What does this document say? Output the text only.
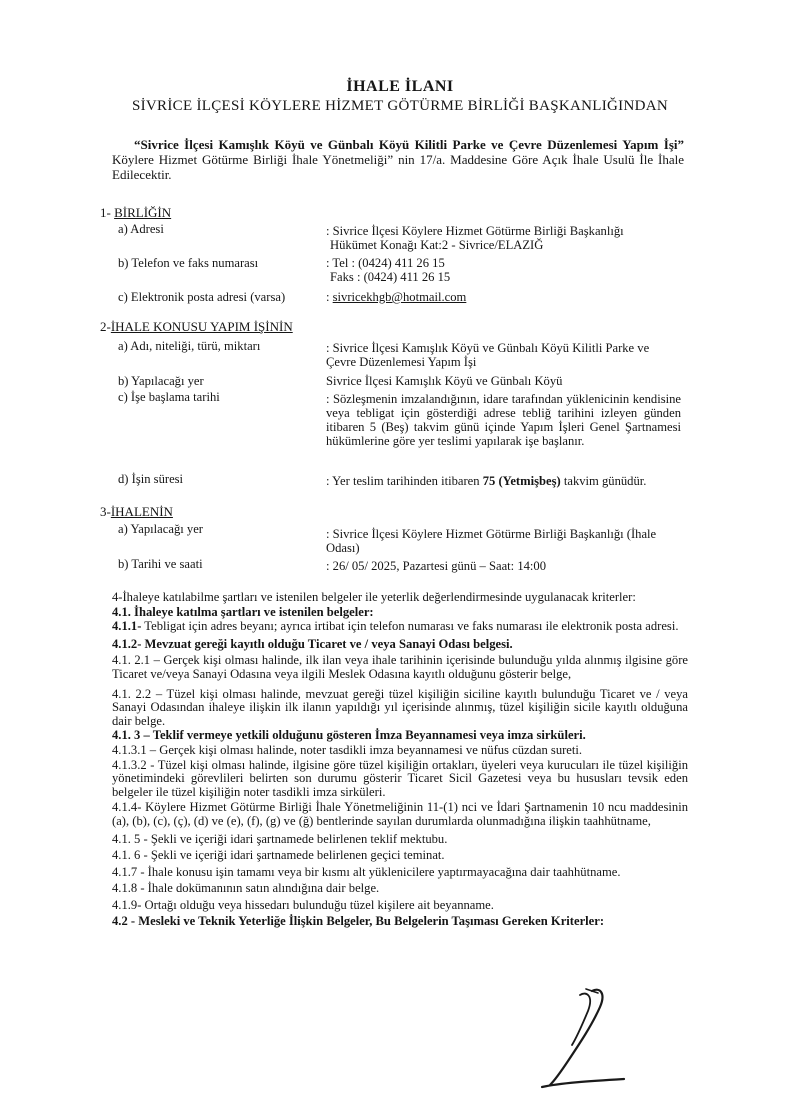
İHALE İLANI
SİVRİCE İLÇESİ KÖYLERE HİZMET GÖTÜRME BİRLİĞİ BAŞKANLIĞINDAN
“Sivrice İlçesi Kamışlık Köyü ve Günbalı Köyü Kilitli Parke ve Çevre Düzenlemesi Yapım İşi” Köylere Hizmet Götürme Birliği İhale Yönetmeliği” nin 17/a. Maddesine Göre Açık İhale Usulü İle İhale Edilecektir.
1- BİRLİĞİN
a) Adresi	: Sivrice İlçesi Köylere Hizmet Götürme Birliği Başkanlığı
Hükümet Konağı Kat:2 - Sivrice/ELAZIĞ
b) Telefon ve faks numarası	: Tel : (0424) 411 26 15
Faks : (0424) 411 26 15
c) Elektronik posta adresi (varsa)	: sivricekhgb@hotmail.com
2-İHALE KONUSU YAPIM İŞİNİN
a) Adı, niteliği, türü, miktarı	: Sivrice İlçesi Kamışlık Köyü ve Günbalı Köyü Kilitli Parke ve Çevre Düzenlemesi Yapım İşi
b) Yapılacağı yer	Sivrice İlçesi Kamışlık Köyü ve Günbalı Köyü
c) İşe başlama tarihi	: Sözleşmenin imzalandığının, idare tarafından yüklenicinin kendisine veya tebligat için gösterdiği adrese tebliğ tarihini izleyen günden itibaren 5 (Beş) takvim günü içinde Yapım İşleri Genel Şartnamesi hükümlerine göre yer teslimi yapılarak işe başlanır.
d) İşin süresi	: Yer teslim tarihinden itibaren 75 (Yetmişbeş) takvim günüdür.
3-İHALENİN
a) Yapılacağı yer	: Sivrice İlçesi Köylere Hizmet Götürme Birliği Başkanlığı (İhale Odası)
b) Tarihi ve saati	: 26/ 05/ 2025, Pazartesi günü – Saat: 14:00

4-İhaleye katılabilme şartları ve istenilen belgeler ile yeterlik değerlendirmesinde uygulanacak kriterler:

4.1. İhaleye katılma şartları ve istenilen belgeler:

4.1.1- Tebligat için adres beyanı; ayrıca irtibat için telefon numarası ve faks numarası ile elektronik posta adresi.

4.1.2- Mevzuat gereği kayıtlı olduğu Ticaret ve / veya Sanayi Odası belgesi.

4.1. 2.1 – Gerçek kişi olması halinde, ilk ilan veya ihale tarihinin içerisinde bulunduğu yılda alınmış ilgisine göre Ticaret ve/veya Sanayi Odasına veya ilgili Meslek Odasına kayıtlı olduğunu gösterir belge,

4.1. 2.2 – Tüzel kişi olması halinde, mevzuat gereği tüzel kişiliğin siciline kayıtlı bulunduğu Ticaret ve / veya Sanayi Odasından ihaleye ilişkin ilk ilanın yapıldığı yıl içerisinde alınmış, tüzel kişiliğin sicile kayıtlı olduğuna dair belge.

4.1. 3 – Teklif vermeye yetkili olduğunu gösteren İmza Beyannamesi veya imza sirküleri.

4.1.3.1 – Gerçek kişi olması halinde, noter tasdikli imza beyannamesi ve nüfus cüzdan sureti.

4.1.3.2 - Tüzel kişi olması halinde, ilgisine göre tüzel kişiliğin ortakları, üyeleri veya kurucuları ile tüzel kişiliğin yönetimindeki görevlileri belirten son durumu gösterir Ticaret Sicil Gazetesi veya bu hususları tevsik eden belgeler ile tüzel kişiliğin noter tasdikli imza sirküleri.

4.1.4- Köylere Hizmet Götürme Birliği İhale Yönetmeliğinin 11-(1) nci ve İdari Şartnamenin 10 ncu maddesinin (a), (b), (c), (ç), (d) ve (e), (f), (g) ve (ğ) bentlerinde sayılan durumlarda olunmadığına ilişkin taahhütname,

4.1. 5 - Şekli ve içeriği idari şartnamede belirlenen teklif mektubu.

4.1. 6 - Şekli ve içeriği idari şartnamede belirlenen geçici teminat.

4.1.7 - İhale konusu işin tamamı veya bir kısmı alt yüklenicilere yaptırmayacağına dair taahhütname.

4.1.8 - İhale dokümanının satın alındığına dair belge.

4.1.9- Ortağı olduğu veya hissedarı bulunduğu tüzel kişilere ait beyanname.

4.2 - Mesleki ve Teknik Yeterliğe İlişkin Belgeler, Bu Belgelerin Taşıması Gereken Kriterler:
